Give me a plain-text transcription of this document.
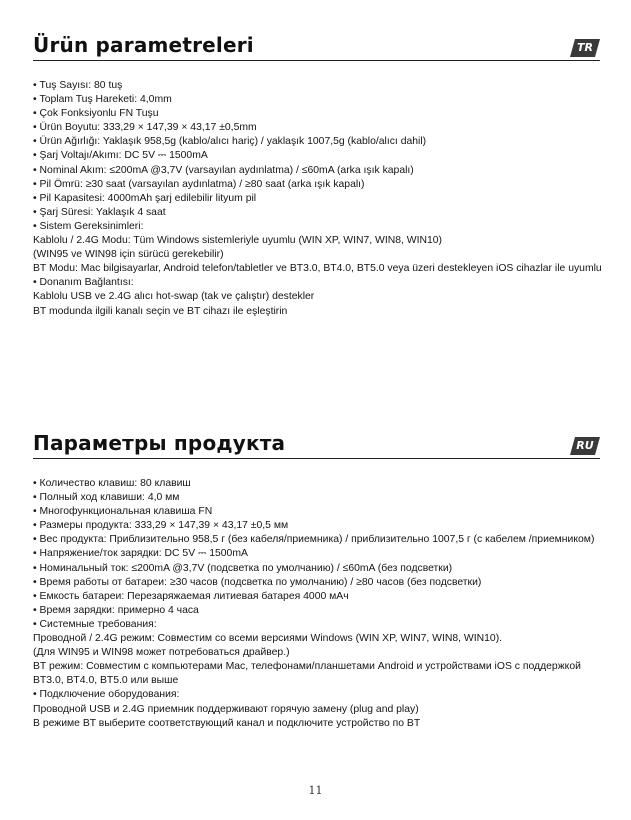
Ürün parametreleri	TR
• Tuş Sayısı: 80 tuş
• Toplam Tuş Hareketi: 4,0mm
• Çok Fonksiyonlu FN Tuşu
• Ürün Boyutu: 333,29 × 147,39 × 43,17 ±0,5mm
• Ürün Ağırlığı: Yaklaşık 958,5g (kablo/alıcı hariç) / yaklaşık 1007,5g (kablo/alıcı dahil)
• Şarj Voltajı/Akımı: DC 5V ⎓ 1500mA
• Nominal Akım: ≤200mA @3,7V (varsayılan aydınlatma) / ≤60mA (arka ışık kapalı)
• Pil Ömrü: ≥30 saat (varsayılan aydınlatma) / ≥80 saat (arka ışık kapalı)
• Pil Kapasitesi: 4000mAh şarj edilebilir lityum pil
• Şarj Süresi: Yaklaşık 4 saat
• Sistem Gereksinimleri:
Kablolu / 2.4G Modu: Tüm Windows sistemleriyle uyumlu (WIN XP, WIN7, WIN8, WIN10)
(WIN95 ve WIN98 için sürücü gerekebilir)
BT Modu: Mac bilgisayarlar, Android telefon/tabletler ve BT3.0, BT4.0, BT5.0 veya üzeri destekleyen iOS cihazlar ile uyumlu
• Donanım Bağlantısı:
Kablolu USB ve 2.4G alıcı hot-swap (tak ve çalıştır) destekler
BT modunda ilgili kanalı seçin ve BT cihazı ile eşleştirin
Параметры продукта	RU
• Количество клавиш: 80 клавиш
• Полный ход клавиши: 4,0 мм
• Многофункциональная клавиша FN
• Размеры продукта: 333,29 × 147,39 × 43,17 ±0,5 мм
• Вес продукта: Приблизительно 958,5 г (без кабеля/приемника) / приблизительно 1007,5 г (с кабелем /приемником)
• Напряжение/ток зарядки: DC 5V ⎓ 1500mA
• Номинальный ток: ≤200mA @3,7V (подсветка по умолчанию) / ≤60mA (без подсветки)
• Время работы от батареи: ≥30 часов (подсветка по умолчанию) / ≥80 часов (без подсветки)
• Емкость батареи: Перезаряжаемая литиевая батарея 4000 мАч
• Время зарядки: примерно 4 часа
• Системные требования:
Проводной / 2.4G режим: Совместим со всеми версиями Windows (WIN XP, WIN7, WIN8, WIN10).
(Для WIN95 и WIN98 может потребоваться драйвер.)
BT режим: Совместим с компьютерами Mac, телефонами/планшетами Android и устройствами iOS с поддержкой BT3.0, BT4.0, BT5.0 или выше
• Подключение оборудования:
Проводной USB и 2.4G приемник поддерживают горячую замену (plug and play)
В режиме BT выберите соответствующий канал и подключите устройство по BT
11
